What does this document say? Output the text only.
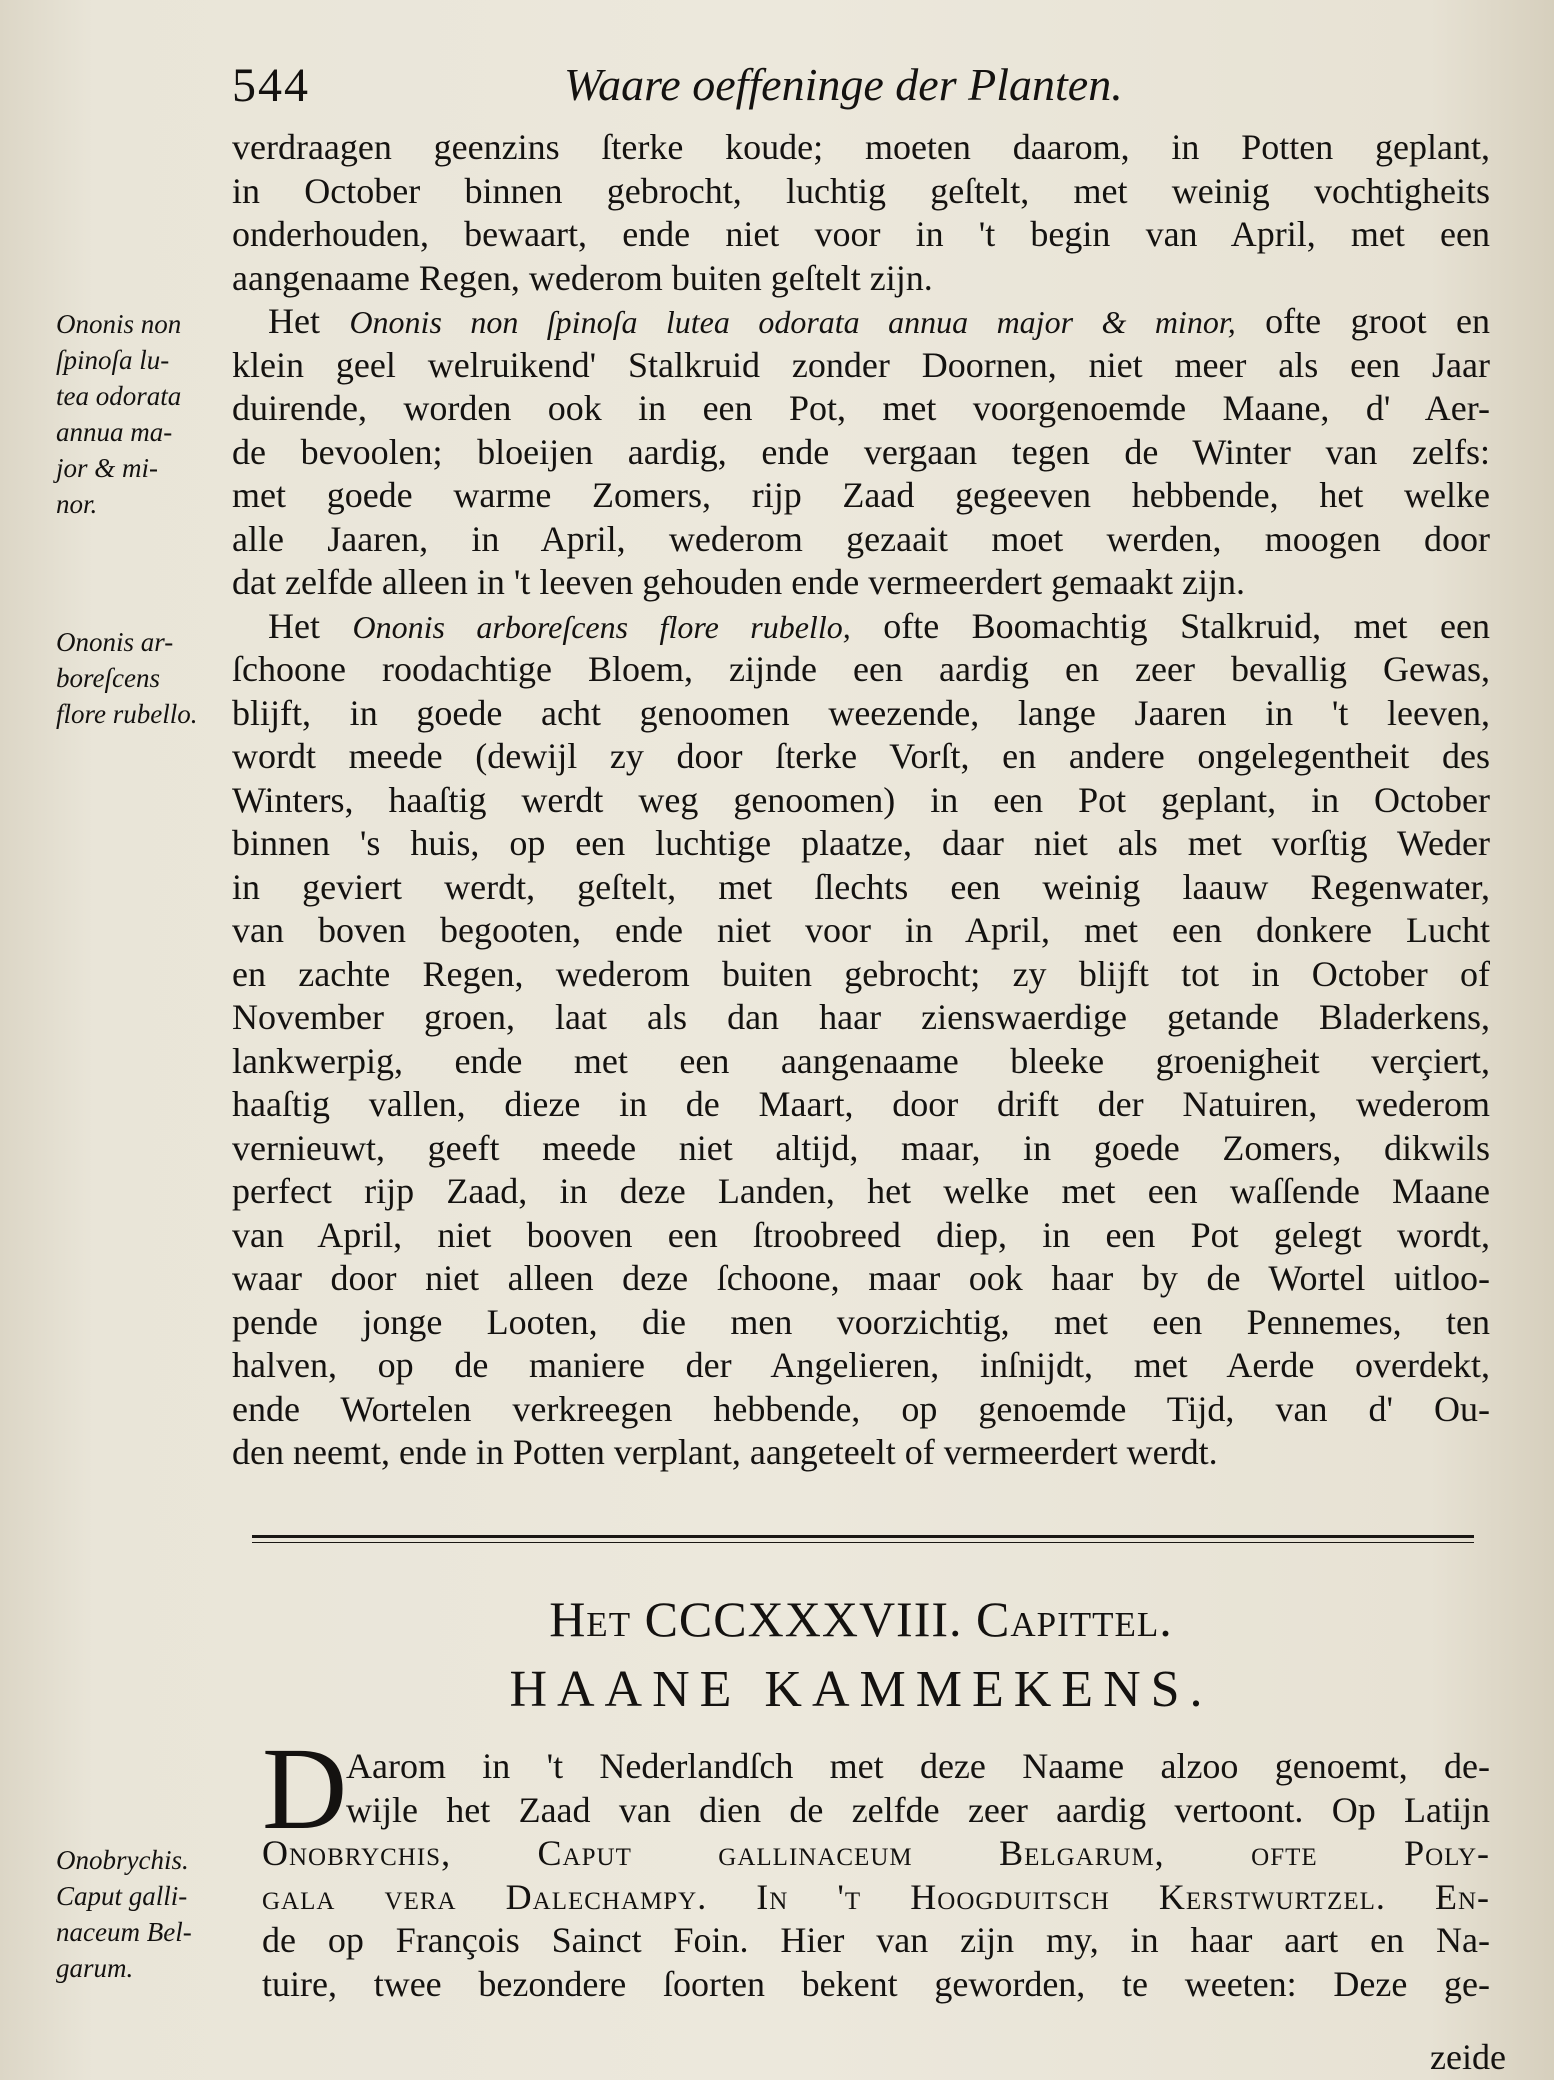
544	Waare oeffeninge der Planten.
verdraagen geenzins ſterke koude; moeten daarom, in Potten geplant,
in October binnen gebrocht, luchtig geſtelt, met weinig vochtigheits
onderhouden, bewaart, ende niet voor in 't begin van April, met een
aangenaame Regen, wederom buiten geſtelt zijn.
Het Ononis non ſpinoſa lutea odorata annua major & minor, ofte groot en
klein geel welruikend' Stalkruid zonder Doornen, niet meer als een Jaar
duirende, worden ook in een Pot, met voorgenoemde Maane, d' Aer-
de bevoolen; bloeijen aardig, ende vergaan tegen de Winter van zelfs:
met goede warme Zomers, rijp Zaad gegeeven hebbende, het welke
alle Jaaren, in April, wederom gezaait moet werden, moogen door
dat zelfde alleen in 't leeven gehouden ende vermeerdert gemaakt zijn.
Het Ononis arboreſcens flore rubello, ofte Boomachtig Stalkruid, met een
ſchoone roodachtige Bloem, zijnde een aardig en zeer bevallig Gewas,
blijft, in goede acht genoomen weezende, lange Jaaren in 't leeven,
wordt meede (dewijl zy door ſterke Vorſt, en andere ongelegentheit des
Winters, haaſtig werdt weg genoomen) in een Pot geplant, in October
binnen 's huis, op een luchtige plaatze, daar niet als met vorſtig Weder
in geviert werdt, geſtelt, met ſlechts een weinig laauw Regenwater,
van boven begooten, ende niet voor in April, met een donkere Lucht
en zachte Regen, wederom buiten gebrocht; zy blijft tot in October of
November groen, laat als dan haar zienswaerdige getande Bladerkens,
lankwerpig, ende met een aangenaame bleeke groenigheit verçiert,
haaſtig vallen, dieze in de Maart, door drift der Natuiren, wederom
vernieuwt, geeft meede niet altijd, maar, in goede Zomers, dikwils
perfect rijp Zaad, in deze Landen, het welke met een waſſende Maane
van April, niet booven een ſtroobreed diep, in een Pot gelegt wordt,
waar door niet alleen deze ſchoone, maar ook haar by de Wortel uitloo-
pende jonge Looten, die men voorzichtig, met een Pennemes, ten
halven, op de maniere der Angelieren, inſnijdt, met Aerde overdekt,
ende Wortelen verkreegen hebbende, op genoemde Tijd, van d' Ou-
den neemt, ende in Potten verplant, aangeteelt of vermeerdert werdt.
Ononis non
ſpinoſa lu-
tea odorata
annua ma-
jor & mi-
nor.
Ononis ar-
boreſcens
flore rubello.
Onobrychis.
Caput galli-
naceum Bel-
garum.
Het CCCXXXVIII. Capittel.
HAANE KAMMEKENS.
D
Aarom in 't Nederlandſch met deze Naame alzoo genoemt, de-
wijle het Zaad van dien de zelfde zeer aardig vertoont. Op Latijn
Onobrychis, Caput gallinaceum Belgarum, ofte Poly-
gala vera Dalechampy. In 't Hoogduitſch Kerstwurtzel. En-
de op François Sainct Foin. Hier van zijn my, in haar aart en Na-
tuire, twee bezondere ſoorten bekent geworden, te weeten: Deze ge-
zeide
